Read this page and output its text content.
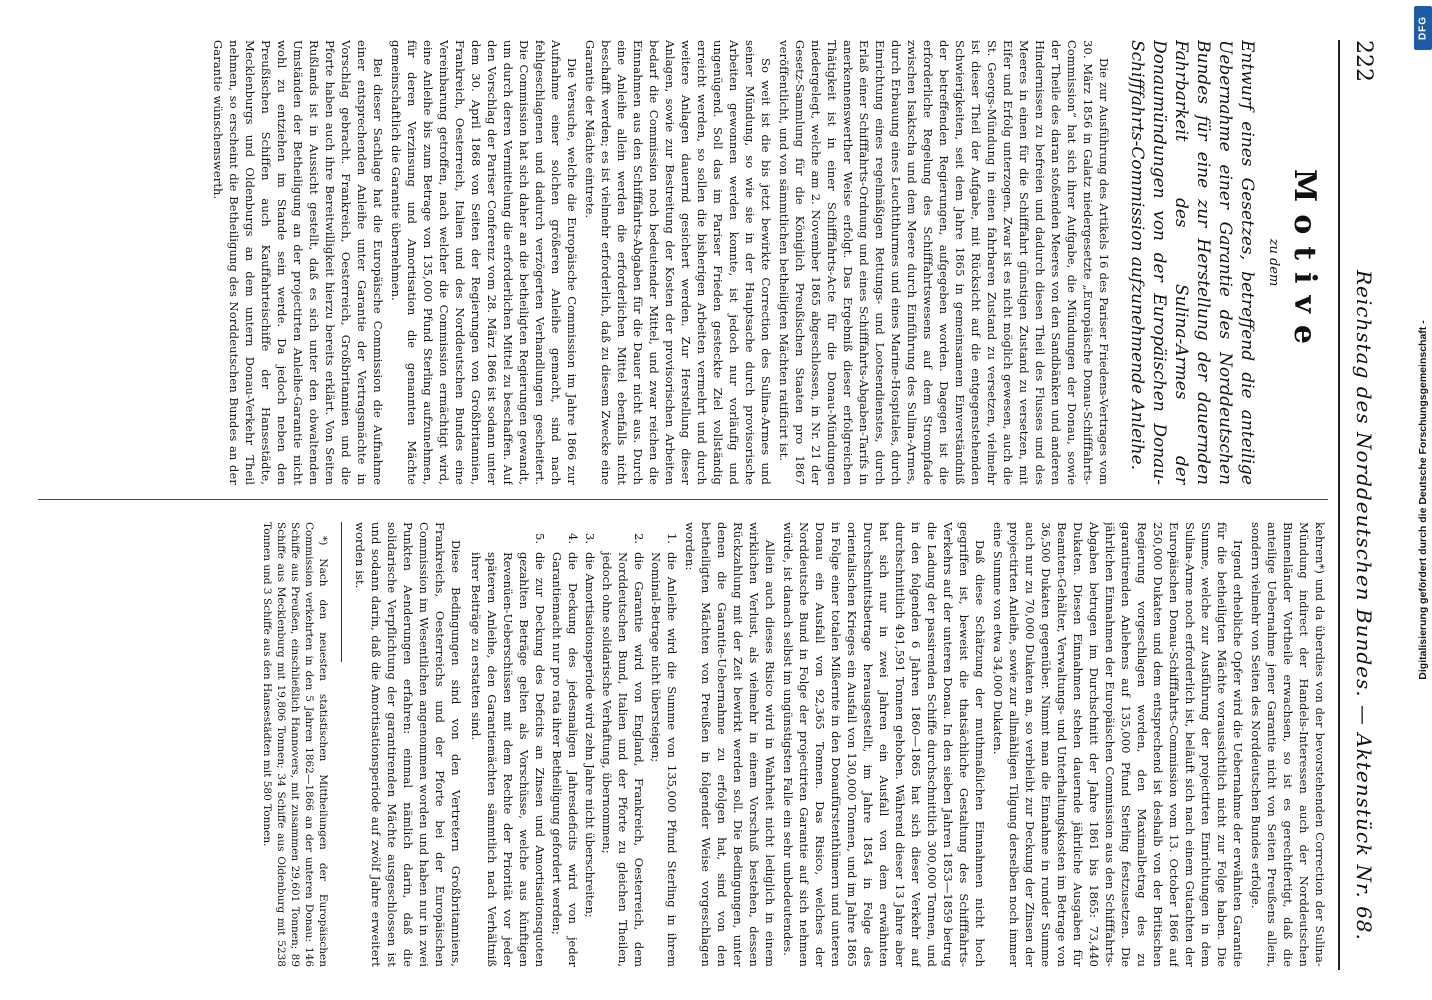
DFG
Digitalisierung gefördert durch die Deutsche Forschungsgemeinschaft -
222
Reichstag des Norddeutschen Bundes. — Aktenstück Nr. 68.
Motive
zu dem
Entwurf eines Gesetzes, betreffend die anteilige Uebernahme einer Garantie des Norddeutschen Bundes für eine zur Herstellung der dauernden Fahrbarkeit des Sulina-Armes der Donaumündungen von der Europäischen Donau-Schifffahrts-Commission aufzunehmende Anleihe.

Die zur Ausführung des Artikels 16 des Pariser Friedens-Vertrages vom 30. März 1856 in Galatz niedergesetzte „Europäische Donau-Schifffahrts-Commission“ hat sich ihrer Aufgabe, die Mündungen der Donau, sowie der Theile des daran stoßenden Meeres von den Sandbänken und anderen Hindernissen zu befreien und dadurch diesen Theil des Flusses und des Meeres in einen für die Schifffahrt günstigen Zustand zu versetzen, mit Eifer und Erfolg unterzogen. Zwar ist es nicht möglich gewesen, auch die St. Georgs-Mündung in einen fahrbaren Zustand zu versetzen, vielmehr ist dieser Theil der Aufgabe, mit Rücksicht auf die entgegenstehenden Schwierigkeiten, seit dem Jahre 1865 in gemeinsamem Einverständniß der betreffenden Regierungen, aufgegeben worden. Dagegen ist die erforderliche Regelung des Schifffahrtswesens auf dem Strompfade zwischen Isaktscha und dem Meere durch Einführung des Sulina-Armes, durch Erbauung eines Leuchtthurmes und eines Marine-Hospitales, durch Einrichtung eines regelmäßigen Rettungs- und Lootsendienstes, durch Erlaß einer Schifffahrts-Ordnung und eines Schifffahrts-Abgaben-Tarifs in anerkennenswerther Weise erfolgt. Das Ergebniß dieser erfolgreichen Thätigkeit ist in einer Schifffahrts-Acte für die Donau-Mündungen niedergelegt, welche am 2. November 1865 abgeschlossen, in Nr. 21 der Gesetz-Sammlung für die Königlich Preußischen Staaten pro 1867 veröffentlicht, und von sämmtlichen betheiligten Mächten ratificirt ist.

So weit ist die bis jetzt bewirkte Correction des Sulina-Armes und seiner Mündung, so wie sie in der Hauptsache durch provisorische Arbeiten gewonnen werden konnte, ist jedoch nur vorläufig und ungenügend. Soll das im Pariser Frieden gesteckte Ziel vollständig erreicht werden, so sollen die bisherigen Arbeiten vermehrt und durch weitere Anlagen dauernd gesichert werden. Zur Herstellung dieser Anlagen, sowie zur Bestreitung der Kosten der provisorischen Arbeiten bedarf die Commission noch bedeutender Mittel, und zwar reichen die Einnahmen aus den Schifffahrts-Abgaben für die Dauer nicht aus. Durch eine Anleihe allein werden die erforderlichen Mittel ebenfalls nicht beschafft werden; es ist vielmehr erforderlich, daß zu diesem Zwecke eine Garantie der Mächte eintrete.

Die Versuche, welche die Europäische Commission im Jahre 1866 zur Aufnahme einer solchen größeren Anleihe gemacht, sind nach fehlgeschlagenen und dadurch verzögerten Verhandlungen gescheitert. Die Commission hat sich daher an die betheiligten Regierungen gewandt, um durch deren Vermittelung die erforderlichen Mittel zu beschaffen. Auf den Vorschlag der Pariser Conferenz vom 28. März 1866 ist sodann unter dem 30. April 1868 von Seiten der Regierungen von Großbritannien, Frankreich, Oesterreich, Italien und des Norddeutschen Bundes eine Vereinbarung getroffen, nach welcher die Commission ermächtigt wird, eine Anleihe bis zum Betrage von 135,000 Pfund Sterling aufzunehmen, für deren Verzinsung und Amortisation die genannten Mächte gemeinschaftlich die Garantie übernehmen.

Bei dieser Sachlage hat die Europäische Commission die Aufnahme einer entsprechenden Anleihe unter Garantie der Vertragsmächte in Vorschlag gebracht. Frankreich, Oesterreich, Großbritannien und die Pforte haben auch ihre Bereitwilligkeit hierzu bereits erklärt. Von Seiten Rußlands ist in Aussicht gestellt, daß es sich unter den obwaltenden Umständen der Betheiligung an der projectirten Anleihe-Garantie nicht wohl zu entziehen im Stande sein werde. Da jedoch neben den Preußischen Schiffen auch Kauffahrteischiffe der Hansestädte, Mecklenburgs und Oldenburgs an dem untern Donau-Verkehr Theil nehmen, so erscheint die Betheiligung des Norddeutschen Bundes an der Garantie wünschenswerth.

kehren*) und da überdies von der bevorstehenden Correction der Sulina-Mündung indirect der Handels-Interessen auch der Norddeutschen Binnenländer Vortheile erwachsen, so ist es gerechtfertigt, daß die anteilige Uebernahme jener Garantie nicht von Seiten Preußens allein, sondern vielmehr von Seiten des Norddeutschen Bundes erfolge.

Irgend erhebliche Opfer wird die Uebernahme der erwähnten Garantie für die betheiligten Mächte voraussichtlich nicht zur Folge haben. Die Summe, welche zur Ausführung der projectirten Einrichtungen in dem Sulina-Arme noch erforderlich ist, beläuft sich nach einem Gutachten der Europäischen Donau-Schifffahrts-Commission vom 13. October 1866 auf 250,000 Dukaten und dem entsprechend ist deshalb von der Britischen Regierung vorgeschlagen worden, den Maximalbetrag des zu garantirenden Anlehens auf 135,000 Pfund Sterling festzusetzen. Die jährlichen Einnahmen der Europäischen Commission aus den Schifffahrts-Abgaben betrugen im Durchschnitt der Jahre 1861 bis 1865: 73,440 Dukaten. Diesen Einnahmen stehen dauernde jährliche Ausgaben für Beamten-Gehälter, Verwaltungs- und Unterhaltungskosten im Betrage von 36,500 Dukaten gegenüber. Nimmt man die Einnahme in runder Summe auch nur zu 70,000 Dukaten an, so verbleibt zur Deckung der Zinsen der projectirten Anleihe, sowie zur allmähligen Tilgung derselben noch immer eine Summe von etwa 34,000 Dukaten.

Daß diese Schätzung der muthmaßlichen Einnahmen nicht hoch gegriffen ist, beweist die thatsächliche Gestaltung des Schifffahrts-Verkehrs auf der unteren Donau. In den sieben Jahren 1853—1859 betrug die Ladung der passirenden Schiffe durchschnittlich 300,000 Tonnen, und in den folgenden 6 Jahren 1860—1865 hat sich dieser Verkehr auf durchschnittlich 491,591 Tonnen gehoben. Während dieser 13 Jahre aber hat sich nur in zwei Jahren ein Ausfall von dem erwähnten Durchschnittsbetrage herausgestellt, im Jahre 1854 in Folge des orientalischen Krieges ein Ausfall von 130,000 Tonnen, und im Jahre 1865 in Folge einer totalen Mißernte in den Donaufürstenthümern und unteren Donau ein Ausfall von 92,365 Tonnen. Das Risico, welches der Norddeutsche Bund in Folge der projectirten Garantie auf sich nehmen würde, ist danach selbst im ungünstigsten Falle ein sehr unbedeutendes.

Allein auch dieses Risico wird in Wahrheit nicht lediglich in einem wirklichen Verlust, als vielmehr in einem Vorschuß bestehen, dessen Rückzahlung mit der Zeit bewirkt werden soll. Die Bedingungen, unter denen die Garantie-Uebernahme zu erfolgen hat, sind von den betheiligten Mächten von Preußen in folgender Weise vorgeschlagen worden:

1.
die Anleihe wird die Summe von 135,000 Pfund Sterling in ihrem Nominal-Betrage nicht übersteigen;
2.
die Garantie wird von England, Frankreich, Oesterreich, dem Norddeutschen Bund, Italien und der Pforte zu gleichen Theilen, jedoch ohne solidarische Verhaftung, übernommen;
3.
die Amortisationsperiode wird zehn Jahre nicht überschreiten;
4.
die Deckung des jedesmaligen Jahresdeficits wird von jeder Garantiemacht nur pro rata ihrer Betheiligung gefordert werden;
5.
die zur Deckung des Deficits an Zinsen und Amortisationsquoten gezahlten Beträge gelten als Vorschüsse, welche aus künftigen Revenüen-Ueberschüssen mit dem Rechte der Priorität vor jeder späteren Anleihe, den Garantiemächten sämmtlich nach Verhältniß ihrer Beiträge zu erstatten sind.

Diese Bedingungen sind von den Vertretern Großbritanniens, Frankreichs, Oesterreichs und der Pforte bei der Europäischen Commission im Wesentlichen angenommen worden und haben nur in zwei Punkten Aenderungen erfahren: einmal nämlich darin, daß die solidarische Verpflichtung der garantirenden Mächte ausgeschlossen ist und sodann darin, daß die Amortisationsperiode auf zwölf Jahre erweitert worden ist.

*) Nach den neuesten statistischen Mittheilungen der Europäischen Commission verkehrten in den 5 Jahren 1862—1866 an der unteren Donau: 146 Schiffe aus Preußen, einschließlich Hannovers, mit zusammen 29,601 Tonnen; 89 Schiffe aus Mecklenburg mit 19,806 Tonnen; 34 Schiffe aus Oldenburg mit 5238 Tonnen und 3 Schiffe aus den Hansestädten mit 580 Tonnen.
